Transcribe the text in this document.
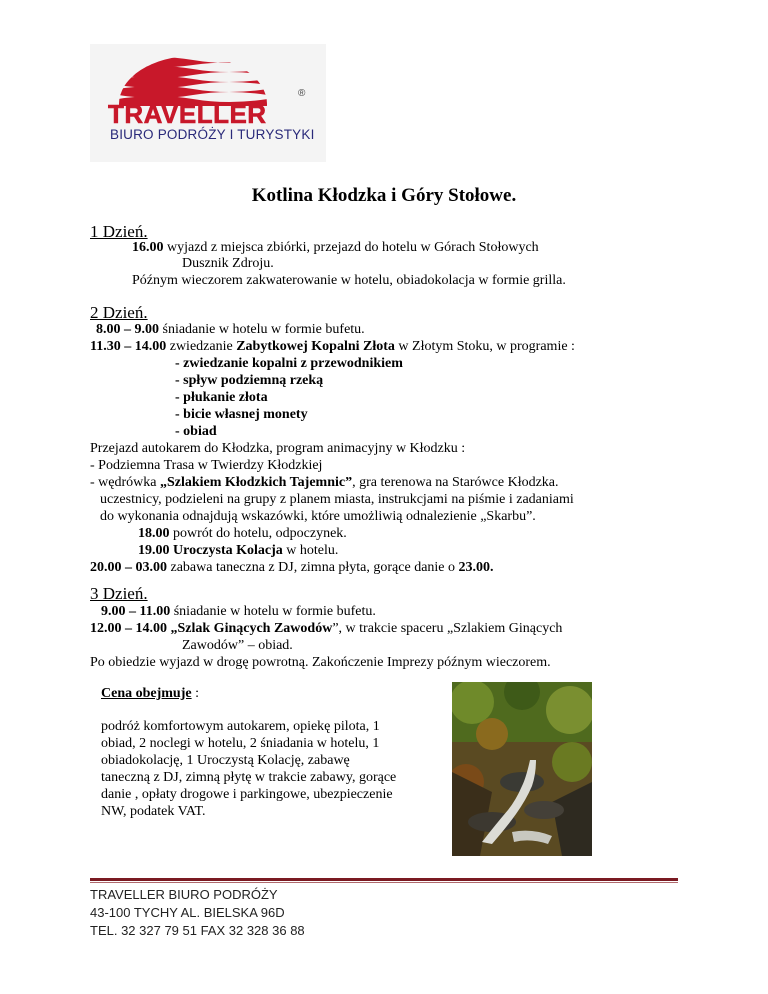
TRAVELLER
®
BIURO PODRÓŻY I TURYSTYKI
Kotlina Kłodzka i Góry Stołowe.
1 Dzień.
16.00 wyjazd z miejsca zbiórki, przejazd do hotelu w Górach Stołowych
Dusznik Zdroju.
Późnym wieczorem zakwaterowanie w hotelu, obiadokolacja w formie grilla.
2 Dzień.
8.00 – 9.00 śniadanie w hotelu w formie bufetu.
11.30 – 14.00 zwiedzanie Zabytkowej Kopalni Złota w Złotym Stoku, w programie :
- zwiedzanie kopalni z przewodnikiem
- spływ podziemną rzeką
- płukanie złota
- bicie własnej monety
- obiad
Przejazd autokarem do Kłodzka, program animacyjny w Kłodzku :
- Podziemna Trasa w Twierdzy Kłodzkiej
- wędrówka „Szlakiem Kłodzkich Tajemnic”, gra terenowa na Starówce Kłodzka.
uczestnicy, podzieleni na grupy z planem miasta, instrukcjami na piśmie i zadaniami
do wykonania odnajdują wskazówki, które umożliwią odnalezienie „Skarbu”.
18.00 powrót do hotelu, odpoczynek.
19.00 Uroczysta Kolacja w hotelu.
20.00 – 03.00 zabawa taneczna z DJ, zimna płyta, gorące danie o 23.00.
3 Dzień.
9.00 – 11.00 śniadanie w hotelu w formie bufetu.
12.00 – 14.00 „Szlak Ginących Zawodów”, w trakcie spaceru „Szlakiem Ginących
Zawodów” – obiad.
Po obiedzie wyjazd w drogę powrotną. Zakończenie Imprezy późnym wieczorem.
Cena obejmuje :
podróż komfortowym autokarem, opiekę pilota, 1
obiad, 2 noclegi w hotelu, 2 śniadania w hotelu, 1
obiadokolację, 1 Uroczystą Kolację, zabawę
taneczną z DJ, zimną płytę w trakcie zabawy, gorące
danie , opłaty drogowe i parkingowe, ubezpieczenie
NW, podatek VAT.
TRAVELLER BIURO PODRÓŻY
43-100 TYCHY AL. BIELSKA 96D
TEL. 32 327 79 51 FAX 32 328 36 88
